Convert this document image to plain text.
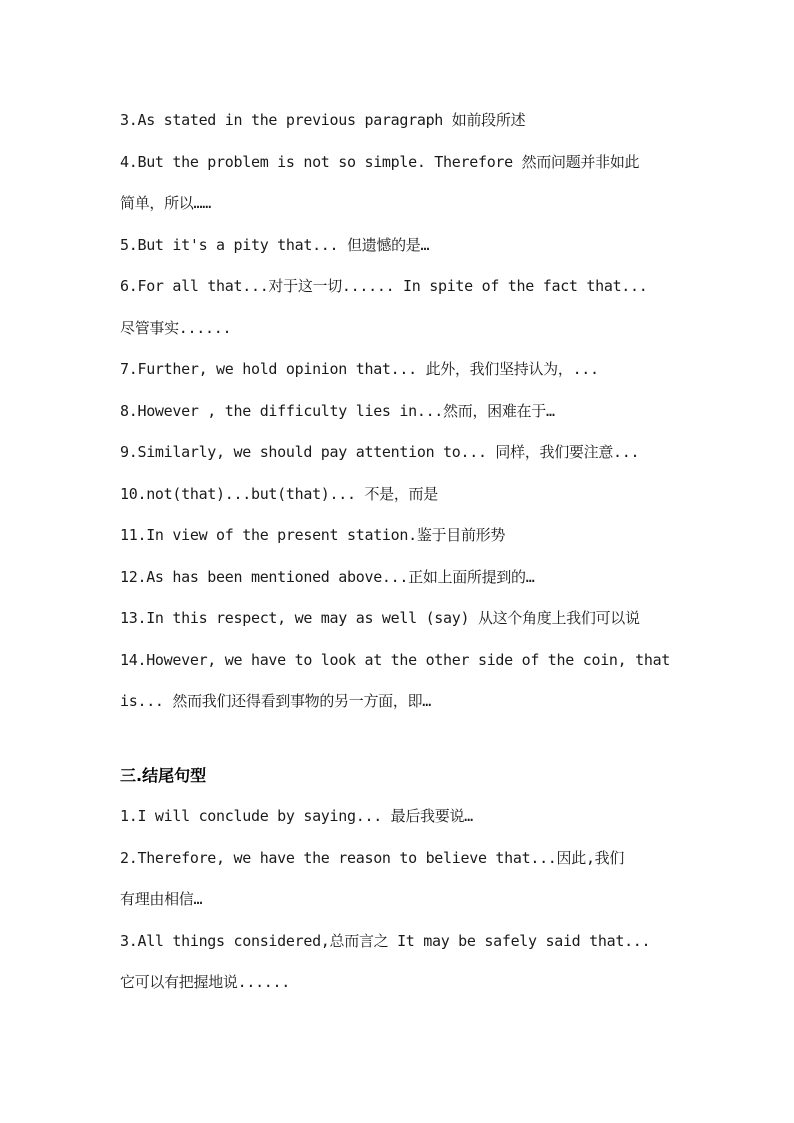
3.As stated in the previous paragraph 如前段所述
4.But the problem is not so simple. Therefore 然而问题并非如此
简单，所以……
5.But it's a pity that... 但遗憾的是…
6.For all that...对于这一切...... In spite of the fact that...
尽管事实......
7.Further, we hold opinion that... 此外，我们坚持认为，...
8.However , the difficulty lies in...然而，困难在于…
9.Similarly, we should pay attention to... 同样，我们要注意...
10.not(that)...but(that)... 不是，而是
11.In view of the present station.鉴于目前形势
12.As has been mentioned above...正如上面所提到的…
13.In this respect, we may as well (say) 从这个角度上我们可以说
14.However, we have to look at the other side of the coin, that
is... 然而我们还得看到事物的另一方面，即…
三.结尾句型
1.I will conclude by saying... 最后我要说…
2.Therefore, we have the reason to believe that...因此,我们
有理由相信…
3.All things considered,总而言之 It may be safely said that...
它可以有把握地说......
